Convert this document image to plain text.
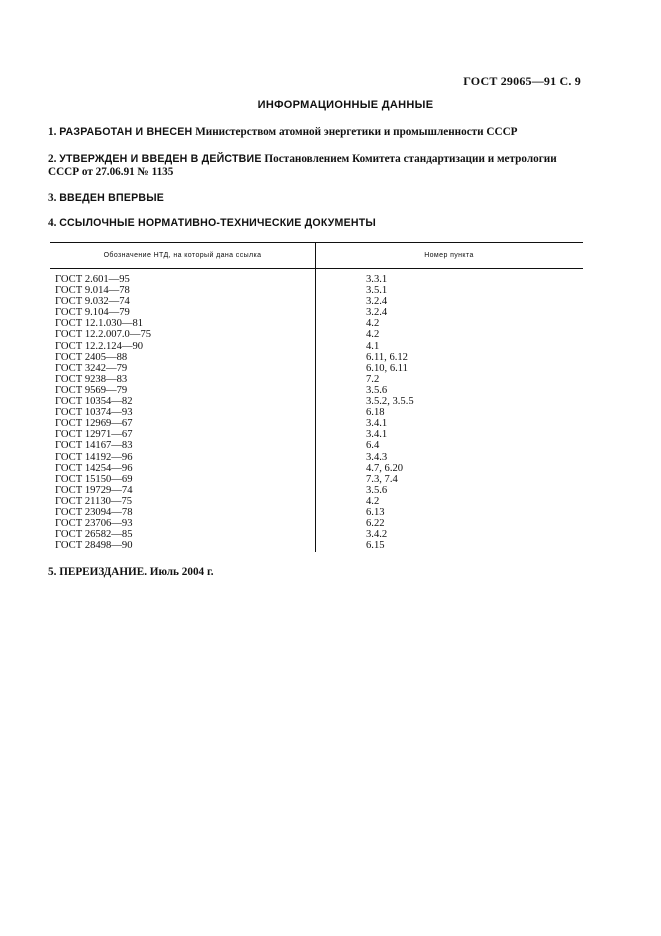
ГОСТ 29065—91 С. 9
ИНФОРМАЦИОННЫЕ ДАННЫЕ
1. РАЗРАБОТАН И ВНЕСЕН Министерством атомной энергетики и промышленности СССР
2. УТВЕРЖДЕН И ВВЕДЕН В ДЕЙСТВИЕ Постановлением Комитета стандартизации и метрологии СССР от 27.06.91 № 1135
3. ВВЕДЕН ВПЕРВЫЕ
4. ССЫЛОЧНЫЕ НОРМАТИВНО-ТЕХНИЧЕСКИЕ ДОКУМЕНТЫ
Обозначение НТД, на который дана ссылка	Номер пункта
ГОСТ 2.601—95	3.3.1
ГОСТ 9.014—78	3.5.1
ГОСТ 9.032—74	3.2.4
ГОСТ 9.104—79	3.2.4
ГОСТ 12.1.030—81	4.2
ГОСТ 12.2.007.0—75	4.2
ГОСТ 12.2.124—90	4.1
ГОСТ 2405—88	6.11, 6.12
ГОСТ 3242—79	6.10, 6.11
ГОСТ 9238—83	7.2
ГОСТ 9569—79	3.5.6
ГОСТ 10354—82	3.5.2, 3.5.5
ГОСТ 10374—93	6.18
ГОСТ 12969—67	3.4.1
ГОСТ 12971—67	3.4.1
ГОСТ 14167—83	6.4
ГОСТ 14192—96	3.4.3
ГОСТ 14254—96	4.7, 6.20
ГОСТ 15150—69	7.3, 7.4
ГОСТ 19729—74	3.5.6
ГОСТ 21130—75	4.2
ГОСТ 23094—78	6.13
ГОСТ 23706—93	6.22
ГОСТ 26582—85	3.4.2
ГОСТ 28498—90	6.15
5. ПЕРЕИЗДАНИЕ. Июль 2004 г.
